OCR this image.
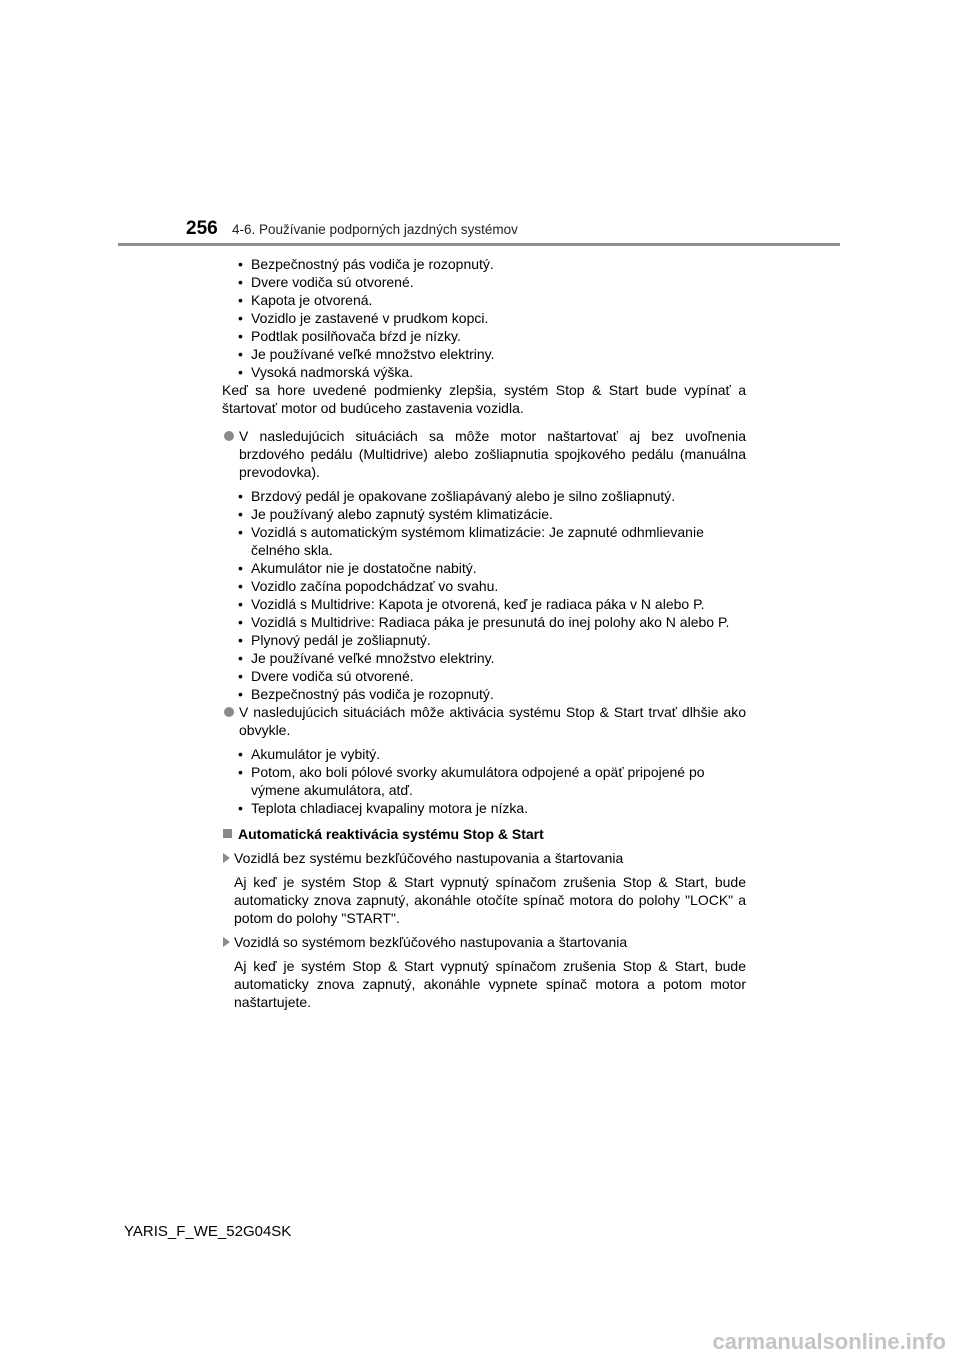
256 4-6. Používanie podporných jazdných systémov
• Bezpečnostný pás vodiča je rozopnutý.
• Dvere vodiča sú otvorené.
• Kapota je otvorená.
• Vozidlo je zastavené v prudkom kopci.
• Podtlak posilňovača bŕzd je nízky.
• Je používané veľké množstvo elektriny.
• Vysoká nadmorská výška.

Keď sa hore uvedené podmienky zlepšia, systém Stop & Start bude vypínať a štartovať motor od budúceho zastavenia vozidla.

V nasledujúcich situáciách sa môže motor naštartovať aj bez uvoľnenia brzdového pedálu (Multidrive) alebo zošliapnutia spojkového pedálu (manuálna prevodovka).
• Brzdový pedál je opakovane zošliapávaný alebo je silno zošliapnutý.
• Je používaný alebo zapnutý systém klimatizácie.
• Vozidlá s automatickým systémom klimatizácie: Je zapnuté odhmlievanie čelného skla.
• Akumulátor nie je dostatočne nabitý.
• Vozidlo začína popodchádzať vo svahu.
• Vozidlá s Multidrive: Kapota je otvorená, keď je radiaca páka v N alebo P.
• Vozidlá s Multidrive: Radiaca páka je presunutá do inej polohy ako N alebo P.
• Plynový pedál je zošliapnutý.
• Je používané veľké množstvo elektriny.
• Dvere vodiča sú otvorené.
• Bezpečnostný pás vodiča je rozopnutý.
V nasledujúcich situáciách môže aktivácia systému Stop & Start trvať dlhšie ako obvykle.
• Akumulátor je vybitý.
• Potom, ako boli pólové svorky akumulátora odpojené a opäť pripojené po výmene akumulátora, atď.
• Teplota chladiacej kvapaliny motora je nízka.
Automatická reaktivácia systému Stop & Start
Vozidlá bez systému bezkľúčového nastupovania a štartovania
Aj keď je systém Stop & Start vypnutý spínačom zrušenia Stop & Start, bude automaticky znova zapnutý, akonáhle otočíte spínač motora do polohy "LOCK" a potom do polohy "START".
Vozidlá so systémom bezkľúčového nastupovania a štartovania
Aj keď je systém Stop & Start vypnutý spínačom zrušenia Stop & Start, bude automaticky znova zapnutý, akonáhle vypnete spínač motora a potom motor naštartujete.
YARIS_F_WE_52G04SK
carmanualsonline.info
